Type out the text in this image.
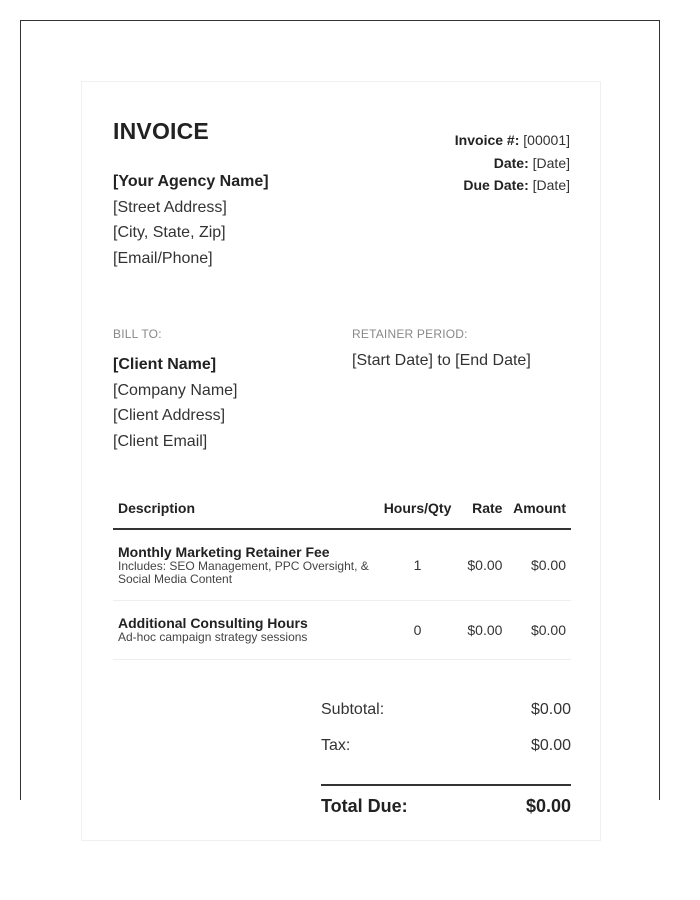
INVOICE
[Your Agency Name]
[Street Address]
[City, State, Zip]
[Email/Phone]
Invoice #: [00001]
Date: [Date]
Due Date: [Date]
BILL TO:	RETAINER PERIOD:
[Client Name]
[Company Name]
[Client Address]
[Client Email]
[Start Date] to [End Date]
Description	Hours/Qty	Rate	Amount

Monthly Marketing Retainer Fee
Includes: SEO Management, PPC Oversight, & Social Media Content	1	$0.00	$0.00

Additional Consulting Hours
Ad-hoc campaign strategy sessions	0	$0.00	$0.00
Subtotal:	$0.00
Tax:	$0.00
Total Due:	$0.00
